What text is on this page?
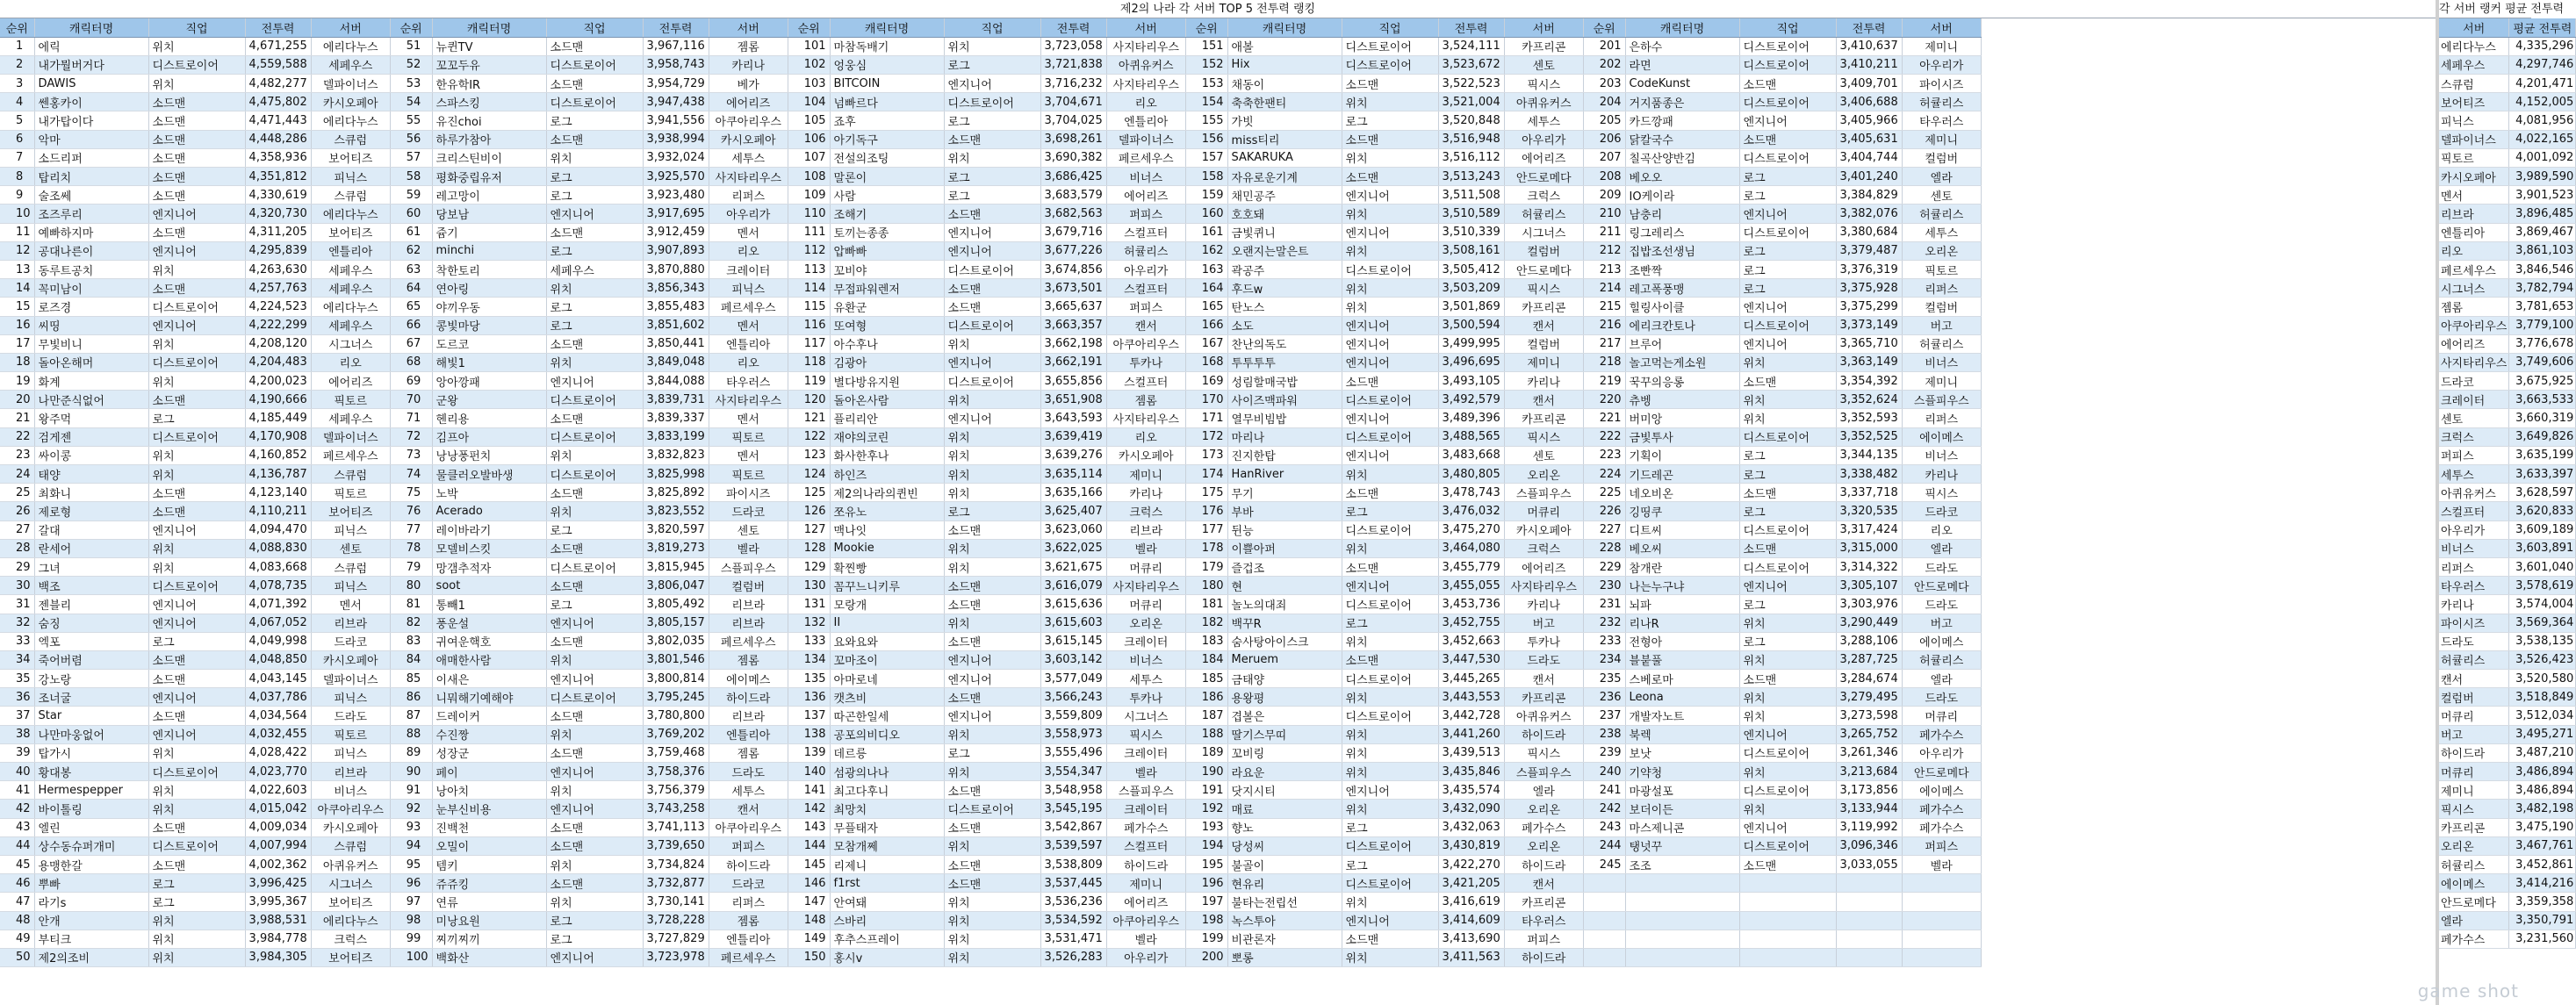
제2의 나라 각 서버 TOP 5 전투력 랭킹
순위	캐릭터명	직업	전투력	서버	순위	캐릭터명	직업	전투력	서버	순위	캐릭터명	직업	전투력	서버	순위	캐릭터명	직업	전투력	서버	순위	캐릭터명	직업	전투력	서버
1	에릭	위치	4,671,255	에리다누스	51	뉴퀸TV	소드맨	3,967,116	젬롬	101	마참독배기	위치	3,723,058	사지타리우스	151	애볼	디스트로이어	3,524,111	카프리콘	201	은하수	디스트로이어	3,410,637	제미니
2	내가뭘버거다	디스트로이어	4,559,588	세페우스	52	꼬꼬두유	디스트로이어	3,958,743	카리나	102	엉웅심	로그	3,721,838	아퀴유커스	152	Hix	디스트로이어	3,523,672	센토	202	라면	디스트로이어	3,410,211	아우리가
3	DAWIS	위치	4,482,277	델파이너스	53	한유학IR	소드맨	3,954,729	베가	103	BITCOIN	엔지니어	3,716,232	사지타리우스	153	채동이	소드맨	3,522,523	픽시스	203	CodeKunst	소드맨	3,409,701	파이시즈
4	쎈홍카이	소드맨	4,475,802	카시오페아	54	스파스킹	디스트로이어	3,947,438	에어리즈	104	넘빠르다	디스트로이어	3,704,671	리오	154	축축한팬티	위치	3,521,004	아퀴유커스	204	거지품종은	디스트로이어	3,406,688	허큘리스
5	내가탑이다	소드맨	4,471,443	에리다누스	55	유진choi	로그	3,941,556	아쿠아리우스	105	죠후	로그	3,704,025	엔틀리아	155	가빗	로그	3,520,848	세투스	205	카드깡패	엔지니어	3,405,966	타우러스
6	악마	소드맨	4,448,286	스큐럼	56	하루가참아	소드맨	3,938,994	카시오페아	106	아기독구	소드맨	3,698,261	델파이너스	156	miss티리	소드맨	3,516,948	아우리가	206	닭칼국수	소드맨	3,405,631	제미니
7	소드리퍼	소드맨	4,358,936	보어티즈	57	크리스틴비이	위치	3,932,024	세투스	107	전설의조팅	위치	3,690,382	페르세우스	157	SAKARUKA	위치	3,516,112	에어리즈	207	칠곡산양반김	디스트로이어	3,404,744	컬럼버
8	탑리치	소드맨	4,351,812	피닉스	58	평화중립유저	로그	3,925,570	사지타리우스	108	말론이	로그	3,686,425	비너스	158	자유로운기계	소드맨	3,513,243	안드로메다	208	베오오	로그	3,401,240	엘라
9	술조쎄	소드맨	4,330,619	스큐럼	59	레고망이	로그	3,923,480	리퍼스	109	사람	로그	3,683,579	에어리즈	159	채민공주	엔지니어	3,511,508	크럭스	209	IO케이라	로그	3,384,829	센토
10	조즈루리	엔지니어	4,320,730	에리다누스	60	당보남	엔지니어	3,917,695	아우리가	110	조해기	소드맨	3,682,563	퍼피스	160	호호돼	위치	3,510,589	허큘리스	210	남충리	엔지니어	3,382,076	허큘리스
11	예빠하지마	소드맨	4,311,205	보어티즈	61	쥼기	소드맨	3,912,459	멘서	111	토끼는종종	엔지니어	3,679,716	스컬프터	161	금빛퀴니	엔지니어	3,510,339	시그너스	211	링그레리스	디스트로이어	3,380,684	세투스
12	공대나른이	엔지니어	4,295,839	엔틀리아	62	minchi	로그	3,907,893	리오	112	압빠빠	엔지니어	3,677,226	허큘리스	162	오랜지는말은트	위치	3,508,161	컬럼버	212	집밥조선생님	로그	3,379,487	오리온
13	동루트공치	위치	4,263,630	세페우스	63	착한토리	세페우스	3,870,880	크레이터	113	꼬비야	디스트로이어	3,674,856	아우리가	163	곽공주	디스트로이어	3,505,412	안드로메다	213	조빤짝	로그	3,376,319	픽토르
14	꼭미남이	소드맨	4,257,763	세페우스	64	연아링	위치	3,856,343	피닉스	114	무접파워렌저	소드맨	3,673,501	스컬프터	164	후드w	위치	3,503,209	픽시스	214	레고폭풍맹	로그	3,375,928	리퍼스
15	로즈경	디스트로이어	4,224,523	에리다누스	65	야끼우동	로그	3,855,483	페르세우스	115	유환군	소드맨	3,665,637	퍼피스	165	탄노스	위치	3,501,869	카프리콘	215	힐링사이클	엔지니어	3,375,299	컬럼버
16	씨띵	엔지니어	4,222,299	세페우스	66	콩빛마당	로그	3,851,602	멘서	116	또여형	디스트로이어	3,663,357	캔서	166	소도	엔지니어	3,500,594	캔서	216	에리크칸토나	디스트로이어	3,373,149	버고
17	무빛비니	위치	4,208,120	시그너스	67	도르코	소드맨	3,850,441	엔틀리아	117	아수후나	위치	3,662,198	아쿠아리우스	167	찬난의독도	엔지니어	3,499,995	컬럼버	217	브루어	엔지니어	3,365,710	허큘리스
18	돌아온해머	디스트로이어	4,204,483	리오	68	해빛1	위치	3,849,048	리오	118	김광아	엔지니어	3,662,191	투카나	168	투투투투	엔지니어	3,496,695	제미니	218	놀고먹는게소원	위치	3,363,149	비너스
19	화계	위치	4,200,023	에어리즈	69	앙아깡패	엔지니어	3,844,088	타우러스	119	별다방유지원	디스트로이어	3,655,856	스컬프터	169	성림할매국밥	소드맨	3,493,105	카리나	219	꾹꾸의응롱	소드맨	3,354,392	제미니
20	나만준식없어	소드맨	4,190,666	픽토르	70	군왕	디스트로이어	3,839,731	사지타리우스	120	돌아온사람	위치	3,651,908	젬롬	170	사이즈맥파워	디스트로이어	3,492,579	캔서	220	츄벵	위치	3,352,624	스플피우스
21	왕주먹	로그	4,185,449	세페우스	71	헨리용	소드맨	3,839,337	멘서	121	플리리안	엔지니어	3,643,593	사지타리우스	171	열무비빔밥	엔지니어	3,489,396	카프리콘	221	버미앙	위치	3,352,593	리퍼스
22	검게젠	디스트로이어	4,170,908	델파이너스	72	김프아	디스트로이어	3,833,199	픽토르	122	재야의코린	위치	3,639,419	리오	172	마리나	디스트로이어	3,488,565	픽시스	222	금빛투사	디스트로이어	3,352,525	에이메스
23	싸이콩	위치	4,160,852	페르세우스	73	낭낭풍펀치	위치	3,832,823	멘서	123	화사한후나	위치	3,639,276	카시오페아	173	진지한탑	엔지니어	3,483,668	센토	223	기획이	로그	3,344,135	비너스
24	태양	위치	4,136,787	스큐럼	74	물클러오발바생	디스트로이어	3,825,998	픽토르	124	하인즈	위치	3,635,114	제미니	174	HanRiver	위치	3,480,805	오리온	224	기드레곤	로그	3,338,482	카리나
25	최화니	소드맨	4,123,140	픽토르	75	노박	소드맨	3,825,892	파이시즈	125	제2의나라의퀸빈	위치	3,635,166	카리나	175	무기	소드맨	3,478,743	스플피우스	225	네오비온	소드맨	3,337,718	픽시스
26	제로형	소드맨	4,110,211	보어티즈	76	Acerado	위치	3,823,552	드라코	126	쪼유노	로그	3,625,407	크럭스	176	부바	로그	3,476,032	머큐리	226	깅띵쿠	로그	3,320,535	드라코
27	갈대	엔지니어	4,094,470	피닉스	77	레이바라기	로그	3,820,597	센토	127	맥나잇	소드맨	3,623,060	리브라	177	뒨능	디스트로이어	3,475,270	카시오페아	227	디트씨	디스트로이어	3,317,424	리오
28	란세어	위치	4,088,830	센토	78	모델비스킷	소드맨	3,819,273	벨라	128	Mookie	위치	3,622,025	벨라	178	이쁠아퍼	위치	3,464,080	크럭스	228	베오씨	소드맨	3,315,000	엘라
29	그녀	위치	4,083,668	스큐럼	79	망갬추적자	디스트로이어	3,815,945	스플피우스	129	확찐빵	위치	3,621,675	머큐리	179	즐겁조	소드맨	3,455,779	에어리즈	229	참개란	디스트로이어	3,314,322	드라도
30	백조	디스트로이어	4,078,735	피닉스	80	soot	소드맨	3,806,047	컬럼버	130	꼼꾸느니키루	소드맨	3,616,079	사지타리우스	180	현	엔지니어	3,455,055	사지타리우스	230	나는누구냐	엔지니어	3,305,107	안드로메다
31	젠블리	엔지니어	4,071,392	멘서	81	통빼1	로그	3,805,492	리브라	131	모랑개	소드맨	3,615,636	머큐리	181	놀노의대죄	디스트로이어	3,453,736	카리나	231	뇌파	로그	3,303,976	드라도
32	숨징	엔지니어	4,067,052	리브라	82	풍운설	엔지니어	3,805,157	리브라	132	II	위치	3,615,603	오리온	182	백꾸R	로그	3,452,755	버고	232	리나R	위치	3,290,449	버고
33	엑포	로그	4,049,998	드라코	83	귀여운핵호	소드맨	3,802,035	페르세우스	133	요와요와	소드맨	3,615,145	크레이터	183	숨사탕아이스크	위치	3,452,663	투카나	233	전형아	로그	3,288,106	에이메스
34	죽어버렴	소드맨	4,048,850	카시오페아	84	애매한사람	위치	3,801,546	젬롬	134	꼬마조이	엔지니어	3,603,142	비너스	184	Meruem	소드맨	3,447,530	드라도	234	블붙풀	위치	3,287,725	허큘리스
35	강노랑	소드맨	4,043,145	델파이너스	85	이새은	엔지니어	3,800,814	에이메스	135	아마로네	엔지니어	3,577,049	세투스	185	금태양	디스트로이어	3,445,265	캔서	235	스베로마	소드맨	3,284,674	엘라
36	조너굴	엔지니어	4,037,786	피닉스	86	니뭐해기예해야	디스트로이어	3,795,245	하이드라	136	캣츠비	소드맨	3,566,243	투카나	186	용왕평	위치	3,443,553	카프리콘	236	Leona	위치	3,279,495	드라도
37	Star	소드맨	4,034,564	드라도	87	드레이커	소드맨	3,780,800	리브라	137	따곤한일세	엔지니어	3,559,809	시그너스	187	겹볼은	디스트로이어	3,442,728	아퀴유커스	237	개발자노트	위치	3,273,598	머큐리
38	나만마웅없어	엔지니어	4,032,455	픽토르	88	수진짱	위치	3,769,202	엔틀리아	138	공포의비디오	위치	3,558,973	픽시스	188	딸기스무띠	위치	3,441,260	하이드라	238	북렉	엔지니어	3,265,752	페가수스
39	탑가시	위치	4,028,422	피닉스	89	성장군	소드맨	3,759,468	젬롬	139	데르릉	로그	3,555,496	크레이터	189	꼬비링	위치	3,439,513	픽시스	239	보낫	디스트로이어	3,261,346	아우리가
40	황대봉	디스트로이어	4,023,770	리브라	90	페이	엔지니어	3,758,376	드라도	140	섬광의나나	위치	3,554,347	벨라	190	라요운	위치	3,435,846	스플피우스	240	기약청	위치	3,213,684	안드로메다
41	Hermespepper	위치	4,022,603	비너스	91	낭아치	위치	3,756,379	세투스	141	최고다후니	소드맨	3,548,958	스플피우스	191	닷지시티	엔지니어	3,435,574	엘라	241	마광설포	디스트로이어	3,173,856	에이메스
42	바이톨링	위치	4,015,042	아쿠아리우스	92	눈부신비용	엔지니어	3,743,258	캔서	142	최망치	디스트로이어	3,545,195	크레이터	192	매료	위치	3,432,090	오리온	242	보더이든	위치	3,133,944	페가수스
43	엘린	소드맨	4,009,034	카시오페아	93	진백천	소드맨	3,741,113	아쿠아리우스	143	무플태자	소드맨	3,542,867	페가수스	193	향노	로그	3,432,063	페가수스	243	마스제니콘	엔지니어	3,119,992	페가수스
44	상수동슈퍼개미	디스트로이어	4,007,994	스큐럼	94	오밀이	소드맨	3,739,650	퍼피스	144	모참개쩨	위치	3,539,597	스컬프터	194	당성씨	디스트로이어	3,430,819	오리온	244	탱넛꾸	디스트로이어	3,096,346	퍼피스
45	용맹한갈	소드맨	4,002,362	아퀴유커스	95	템키	위치	3,734,824	하이드라	145	리제니	소드맨	3,538,809	하이드라	195	불골이	로그	3,422,270	하이드라	245	조조	소드맨	3,033,055	벨라
46	뿌빠	로그	3,996,425	시그너스	96	쥬쥬킹	소드맨	3,732,877	드라코	146	f1rst	소드맨	3,537,445	제미니	196	현유리	디스트로이어	3,421,205	캔서					
47	라기s	로그	3,995,367	보어티즈	97	연류	위치	3,730,141	리퍼스	147	안여돼	위치	3,536,236	에어리즈	197	불타는전립선	위치	3,416,619	카프리콘					
48	안개	위치	3,988,531	에리다누스	98	미낭요원	로그	3,728,228	젬롬	148	스바리	위치	3,534,592	아쿠아리우스	198	녹스투아	엔지니어	3,414,609	타우러스					
49	부티크	위치	3,984,778	크럭스	99	찌끼찌끼	로그	3,727,829	엔틀리아	149	후추스프레이	위치	3,531,471	벨라	199	비관론자	소드맨	3,413,690	퍼피스					
50	제2의조비	위치	3,984,305	보어티즈	100	백화산	엔지니어	3,723,978	페르세우스	150	홍시v	위치	3,526,283	아우리가	200	뽀롱	위치	3,411,563	하이드라					
각 서버 랭커 평균 전투력
서버	평균 전투력
에리다누스	4,335,296
세페우스	4,297,746
스큐럼	4,201,471
보어티즈	4,152,005
피닉스	4,081,956
델파이너스	4,022,165
픽토르	4,001,092
카시오페아	3,989,590
멘서	3,901,523
리브라	3,896,485
엔틀리아	3,869,467
리오	3,861,103
페르세우스	3,846,546
시그너스	3,782,794
젬롬	3,781,653
아쿠아리우스	3,779,100
에어리즈	3,776,678
사지타리우스	3,749,606
드라코	3,675,925
크레이터	3,663,533
센토	3,660,319
크럭스	3,649,826
퍼피스	3,635,199
세투스	3,633,397
아퀴유커스	3,628,597
스컬프터	3,620,833
아우리가	3,609,189
비너스	3,603,891
리퍼스	3,601,040
타우러스	3,578,619
카리나	3,574,004
파이시즈	3,569,364
드라도	3,538,135
허큘리스	3,526,423
캔서	3,520,580
컬럼버	3,518,849
머큐리	3,512,034
버고	3,495,271
하이드라	3,487,210
머큐리	3,486,894
제미니	3,486,894
픽시스	3,482,198
카프리콘	3,475,190
오리온	3,467,761
허큘리스	3,452,861
에이메스	3,414,216
안드로메다	3,359,358
엘라	3,350,791
페가수스	3,231,560
game shot
